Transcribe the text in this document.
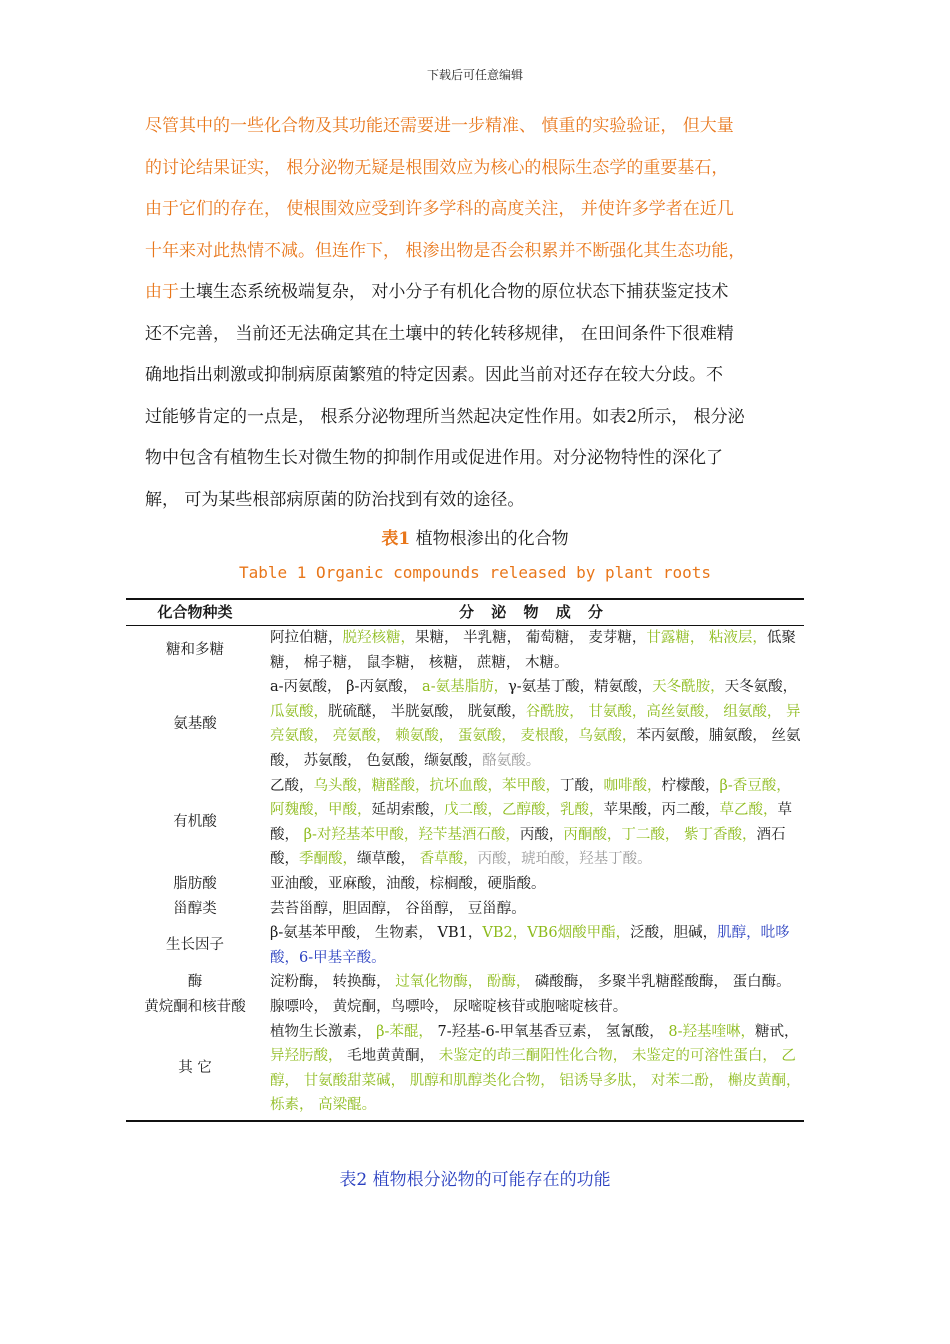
下载后可任意编辑
尽管其中的一些化合物及其功能还需要进一步精准、 慎重的实验验证， 但大量
的讨论结果证实， 根分泌物无疑是根围效应为核心的根际生态学的重要基石，
由于它们的存在， 使根围效应受到许多学科的高度关注， 并使许多学者在近几
十年来对此热情不减。但连作下， 根渗出物是否会积累并不断强化其生态功能，
由于土壤生态系统极端复杂， 对小分子有机化合物的原位状态下捕获鉴定技术
还不完善， 当前还无法确定其在土壤中的转化转移规律， 在田间条件下很难精
确地指出刺激或抑制病原菌繁殖的特定因素。因此当前对还存在较大分歧。不
过能够肯定的一点是， 根系分泌物理所当然起决定性作用。如表2所示， 根分泌
物中包含有植物生长对微生物的抑制作用或促进作用。对分泌物特性的深化了
解， 可为某些根部病原菌的防治找到有效的途径。
表1 植物根渗出的化合物
Table 1 Organic compounds released by plant roots
化合物种类	分 泌 物 成 分
糖和多糖	阿拉伯糖，脱羟核糖，果糖， 半乳糖， 葡萄糖， 麦芽糖，甘露糖， 粘液层，低聚糖， 棉子糖， 鼠李糖， 核糖， 蔗糖， 木糖。
氨基酸	a-丙氨酸， β-丙氨酸， a-氨基脂肪，γ-氨基丁酸，精氨酸，天冬酰胺，天冬氨酸，瓜氨酸，胱硫醚， 半胱氨酸， 胱氨酸，谷酰胺， 甘氨酸，高丝氨酸， 组氨酸， 异亮氨酸， 亮氨酸， 赖氨酸， 蛋氨酸， 麦根酸，乌氨酸，苯丙氨酸，脯氨酸， 丝氨酸， 苏氨酸， 色氨酸，缬氨酸，酪氨酸。
有机酸	乙酸，乌头酸，糖醛酸，抗坏血酸，苯甲酸，丁酸，咖啡酸，柠檬酸，β-香豆酸，阿魏酸，甲酸，延胡索酸，戊二酸，乙醇酸，乳酸，苹果酸，丙二酸，草乙酸，草酸， β-对羟基苯甲酸，羟苄基酒石酸，丙酸，丙酮酸，丁二酸， 紫丁香酸，酒石酸，季酮酸，缬草酸， 香草酸，丙酸，琥珀酸，羟基丁酸。
脂肪酸	亚油酸，亚麻酸，油酸，棕榈酸，硬脂酸。
甾醇类	芸苔甾醇，胆固醇， 谷甾醇， 豆甾醇。
生长因子	β-氨基苯甲酸， 生物素， VB1，VB2，VB6烟酸甲酯，泛酸，胆碱，肌醇，吡哆酸，6-甲基辛酸。
酶	淀粉酶， 转换酶， 过氧化物酶， 酚酶， 磷酸酶， 多聚半乳糖醛酸酶， 蛋白酶。
黄烷酮和核苷酸	腺嘌呤， 黄烷酮，鸟嘌呤， 尿嘧啶核苷或胞嘧啶核苷。
其 它	植物生长激素， β-苯醌， 7-羟基-6-甲氧基香豆素， 氢氰酸， 8-羟基喹啉，糖甙，异羟肟酸， 毛地黄黄酮， 未鉴定的茚三酮阳性化合物， 未鉴定的可溶性蛋白， 乙醇， 甘氨酸甜菜碱， 肌醇和肌醇类化合物， 铝诱导多肽， 对苯二酚， 槲皮黄酮， 栎素， 高梁醌。
表2 植物根分泌物的可能存在的功能
